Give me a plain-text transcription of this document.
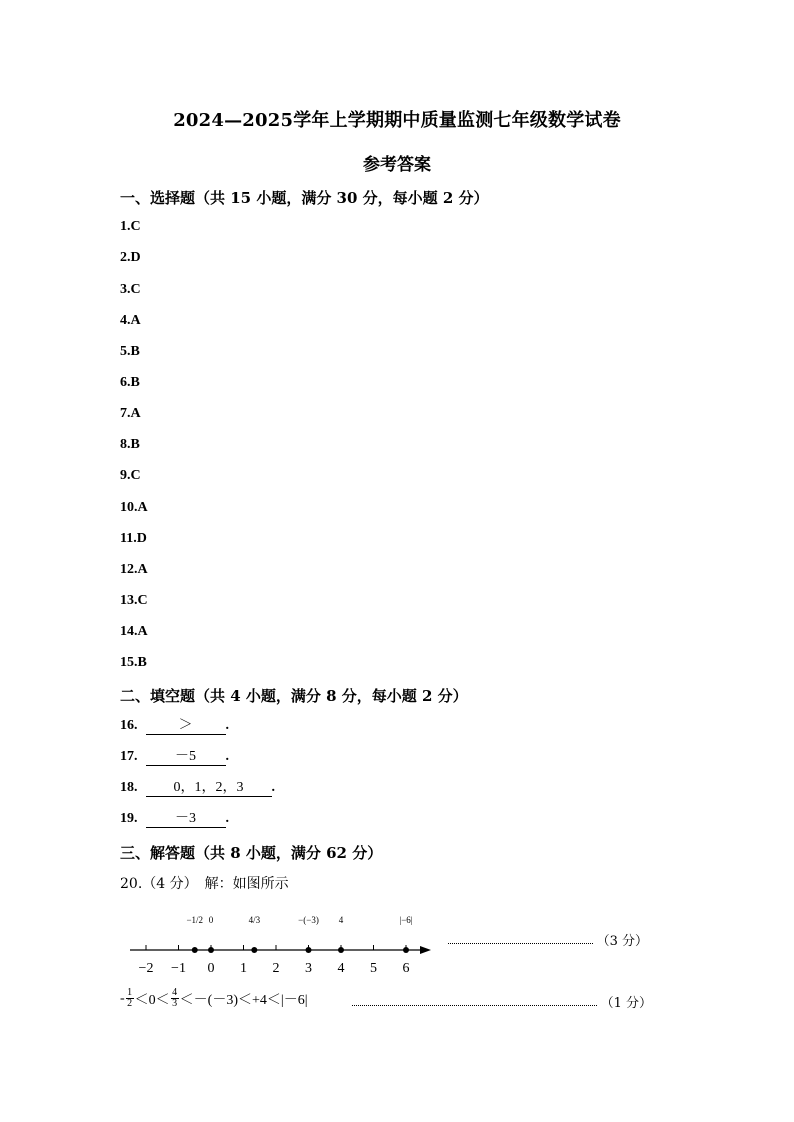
2024—2025学年上学期期中质量监测七年级数学试卷
参考答案
一、选择题（共 15 小题，满分 30 分，每小题 2 分）
1.C
2.D
3.C
4.A
5.B
6.B
7.A
8.B
9.C
10.A
11.D
12.A
13.C
14.A
15.B
二、填空题（共 4 小题，满分 8 分，每小题 2 分）
16.	＞ .
17.	－5 .
18.	0，1，2，3 .
19.	－3 .
三、解答题（共 8 小题，满分 62 分）
20.（4 分）　解：如图所示
−2 −1 0 1 2 3 4 5 6
−1/2 0	4/3	−(−3) 4	|−6|
（3 分）
- $\frac{1}{2} <0< \frac{4}{3} <-(-3)<+4<|-6|$	（1 分）
